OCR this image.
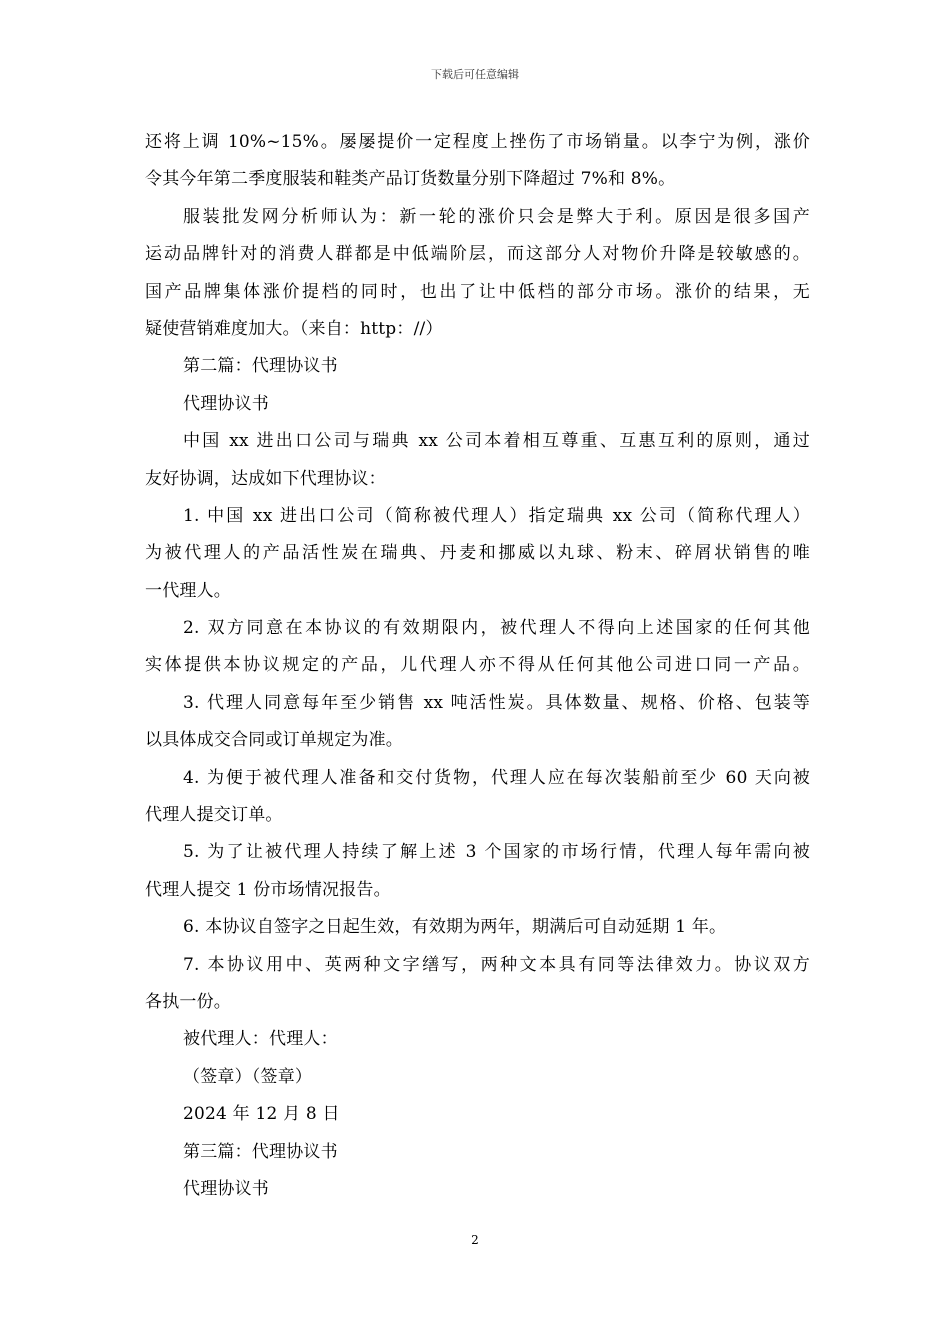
下载后可任意编辑
还将上调 10%~15%。屡屡提价一定程度上挫伤了市场销量。以李宁为例，涨价
令其今年第二季度服装和鞋类产品订货数量分别下降超过 7%和 8%。
服装批发网分析师认为：新一轮的涨价只会是弊大于利。原因是很多国产
运动品牌针对的消费人群都是中低端阶层，而这部分人对物价升降是较敏感的。
国产品牌集体涨价提档的同时，也出了让中低档的部分市场。涨价的结果，无
疑使营销难度加大。（来自：http：//）
第二篇：代理协议书
代理协议书
中国 xx 进出口公司与瑞典 xx 公司本着相互尊重、互惠互利的原则，通过
友好协调，达成如下代理协议：
1. 中国 xx 进出口公司（简称被代理人）指定瑞典 xx 公司（简称代理人）
为被代理人的产品活性炭在瑞典、丹麦和挪威以丸球、粉末、碎屑状销售的唯
一代理人。
2. 双方同意在本协议的有效期限内，被代理人不得向上述国家的任何其他
实体提供本协议规定的产品，儿代理人亦不得从任何其他公司进口同一产品。
3. 代理人同意每年至少销售 xx 吨活性炭。具体数量、规格、价格、包装等
以具体成交合同或订单规定为准。
4. 为便于被代理人准备和交付货物，代理人应在每次装船前至少 60 天向被
代理人提交订单。
5. 为了让被代理人持续了解上述 3 个国家的市场行情，代理人每年需向被
代理人提交 1 份市场情况报告。
6. 本协议自签字之日起生效，有效期为两年，期满后可自动延期 1 年。
7. 本协议用中、英两种文字缮写，两种文本具有同等法律效力。协议双方
各执一份。
被代理人：代理人：
（签章）（签章）
2024 年 12 月 8 日
第三篇：代理协议书
代理协议书
2
